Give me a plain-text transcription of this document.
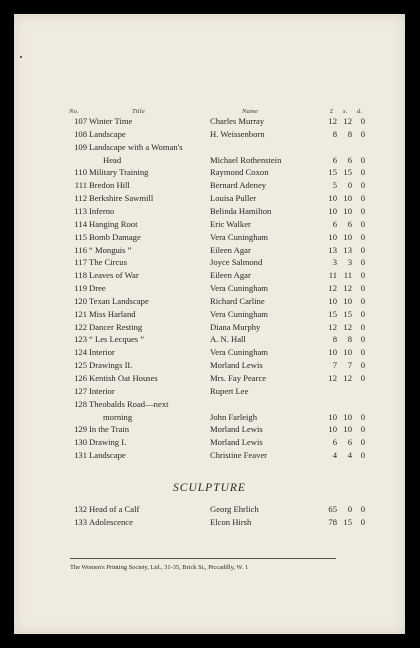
No.	Title	Name	£ s. d.
107 Winter Time	Charles Murray	12 12	0
108 Landscape	H. Weissenborn	8	8	0
109 Landscape with a Woman's
Head	Michael Rothenstein	6	6	0
110 Military Training	Raymond Coxon	15 15	0
111 Bredon Hill	Bernard Adeney	5	0	0
112 Berkshire Sawmill	Louisa Puller	10 10	0
113 Inferno	Belinda Hamilton	10 10	0
114 Hanging Root	Eric Walker	6	6	0
115 Bomb Damage	Vera Cuningham	10 10	0
116 “ Monguis ”	Eileen Agar	13 13	0
117 The Circus	Joyce Salmond	3	3	0
118 Leaves of War	Eileen Agar	11 11	0
119 Dree	Vera Cuningham	12 12	0
120 Texan Landscape	Richard Carline	10 10	0
121 Miss Harland	Vera Cuningham	15 15	0
122 Dancer Resting	Diana Murphy	12 12	0
123 “ Les Lecques ”	A. N. Hall	8	8	0
124 Interior	Vera Cuningham	10 10	0
125 Drawings II.	Morland Lewis	7	7	0
126 Kentish Oat Houses	Mrs. Fay Pearce	12 12	0
127 Interior	Rupert Lee
128 Theobalds Road—next
morning	John Farleigh	10 10	0
129 In the Train	Morland Lewis	10 10	0
130 Drawing I.	Morland Lewis	6	6	0
131 Landscape	Christine Feaver	4	4	0
SCULPTURE
132 Head of a Calf	Georg Ehrlich	65	0	0
133 Adolescence	Elcon Hirsh	78 15	0
The Women's Printing Society, Ltd., 31-35, Brick St., Piccadilly, W. 1
